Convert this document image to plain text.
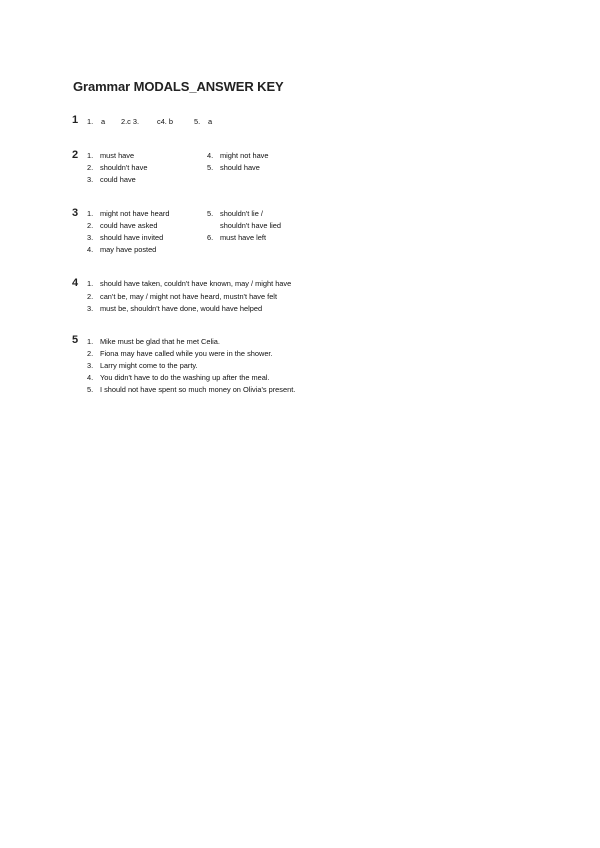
Grammar MODALS_ANSWER KEY
1 1. a 2.c 3. c4. b	5. a
2 1. must have
2. shouldn't have
3. could have
4. might not have
5. should have
3 1. might not have heard
2. could have asked
3. should have invited
4. may have posted
5. shouldn't lie /
shouldn't have lied
6. must have left
4 1. should have taken, couldn't have known, may / might have
2. can't be, may / might not have heard, mustn't have felt
3. must be, shouldn't have done, would have helped
5 1. Mike must be glad that he met Celia.
2. Fiona may have called while you were in the shower.
3. Larry might come to the party.
4. You didn't have to do the washing up after the meal.
5. I should not have spent so much money on Olivia's present.
